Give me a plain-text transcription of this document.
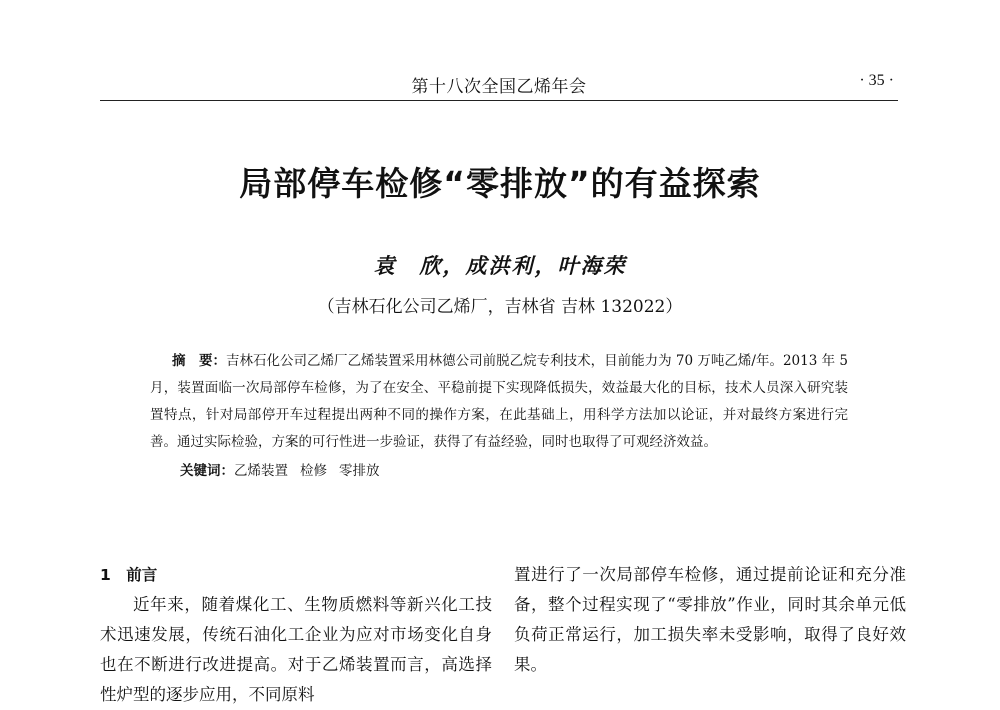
第十八次全国乙烯年会	· 35 ·
局部停车检修“零排放”的有益探索
袁　欣，成洪利，叶海荣
（吉林石化公司乙烯厂，吉林省 吉林 132022）

摘　要：吉林石化公司乙烯厂乙烯装置采用林德公司前脱乙烷专利技术，目前能力为 70 万吨乙烯/年。2013 年 5 月，装置面临一次局部停车检修，为了在安全、平稳前提下实现降低损失，效益最大化的目标，技术人员深入研究装置特点，针对局部停开车过程提出两种不同的操作方案，在此基础上，用科学方法加以论证，并对最终方案进行完善。通过实际检验，方案的可行性进一步验证，获得了有益经验，同时也取得了可观经济效益。

关键词：乙烯装置 检修 零排放

1　前言

近年来，随着煤化工、生物质燃料等新兴化工技术迅速发展，传统石油化工企业为应对市场变化自身也在不断进行改进提高。对于乙烯装置而言，高选择性炉型的逐步应用，不同原料

置进行了一次局部停车检修，通过提前论证和充分准备，整个过程实现了“零排放”作业，同时其余单元低负荷正常运行，加工损失率未受影响，取得了良好效果。
